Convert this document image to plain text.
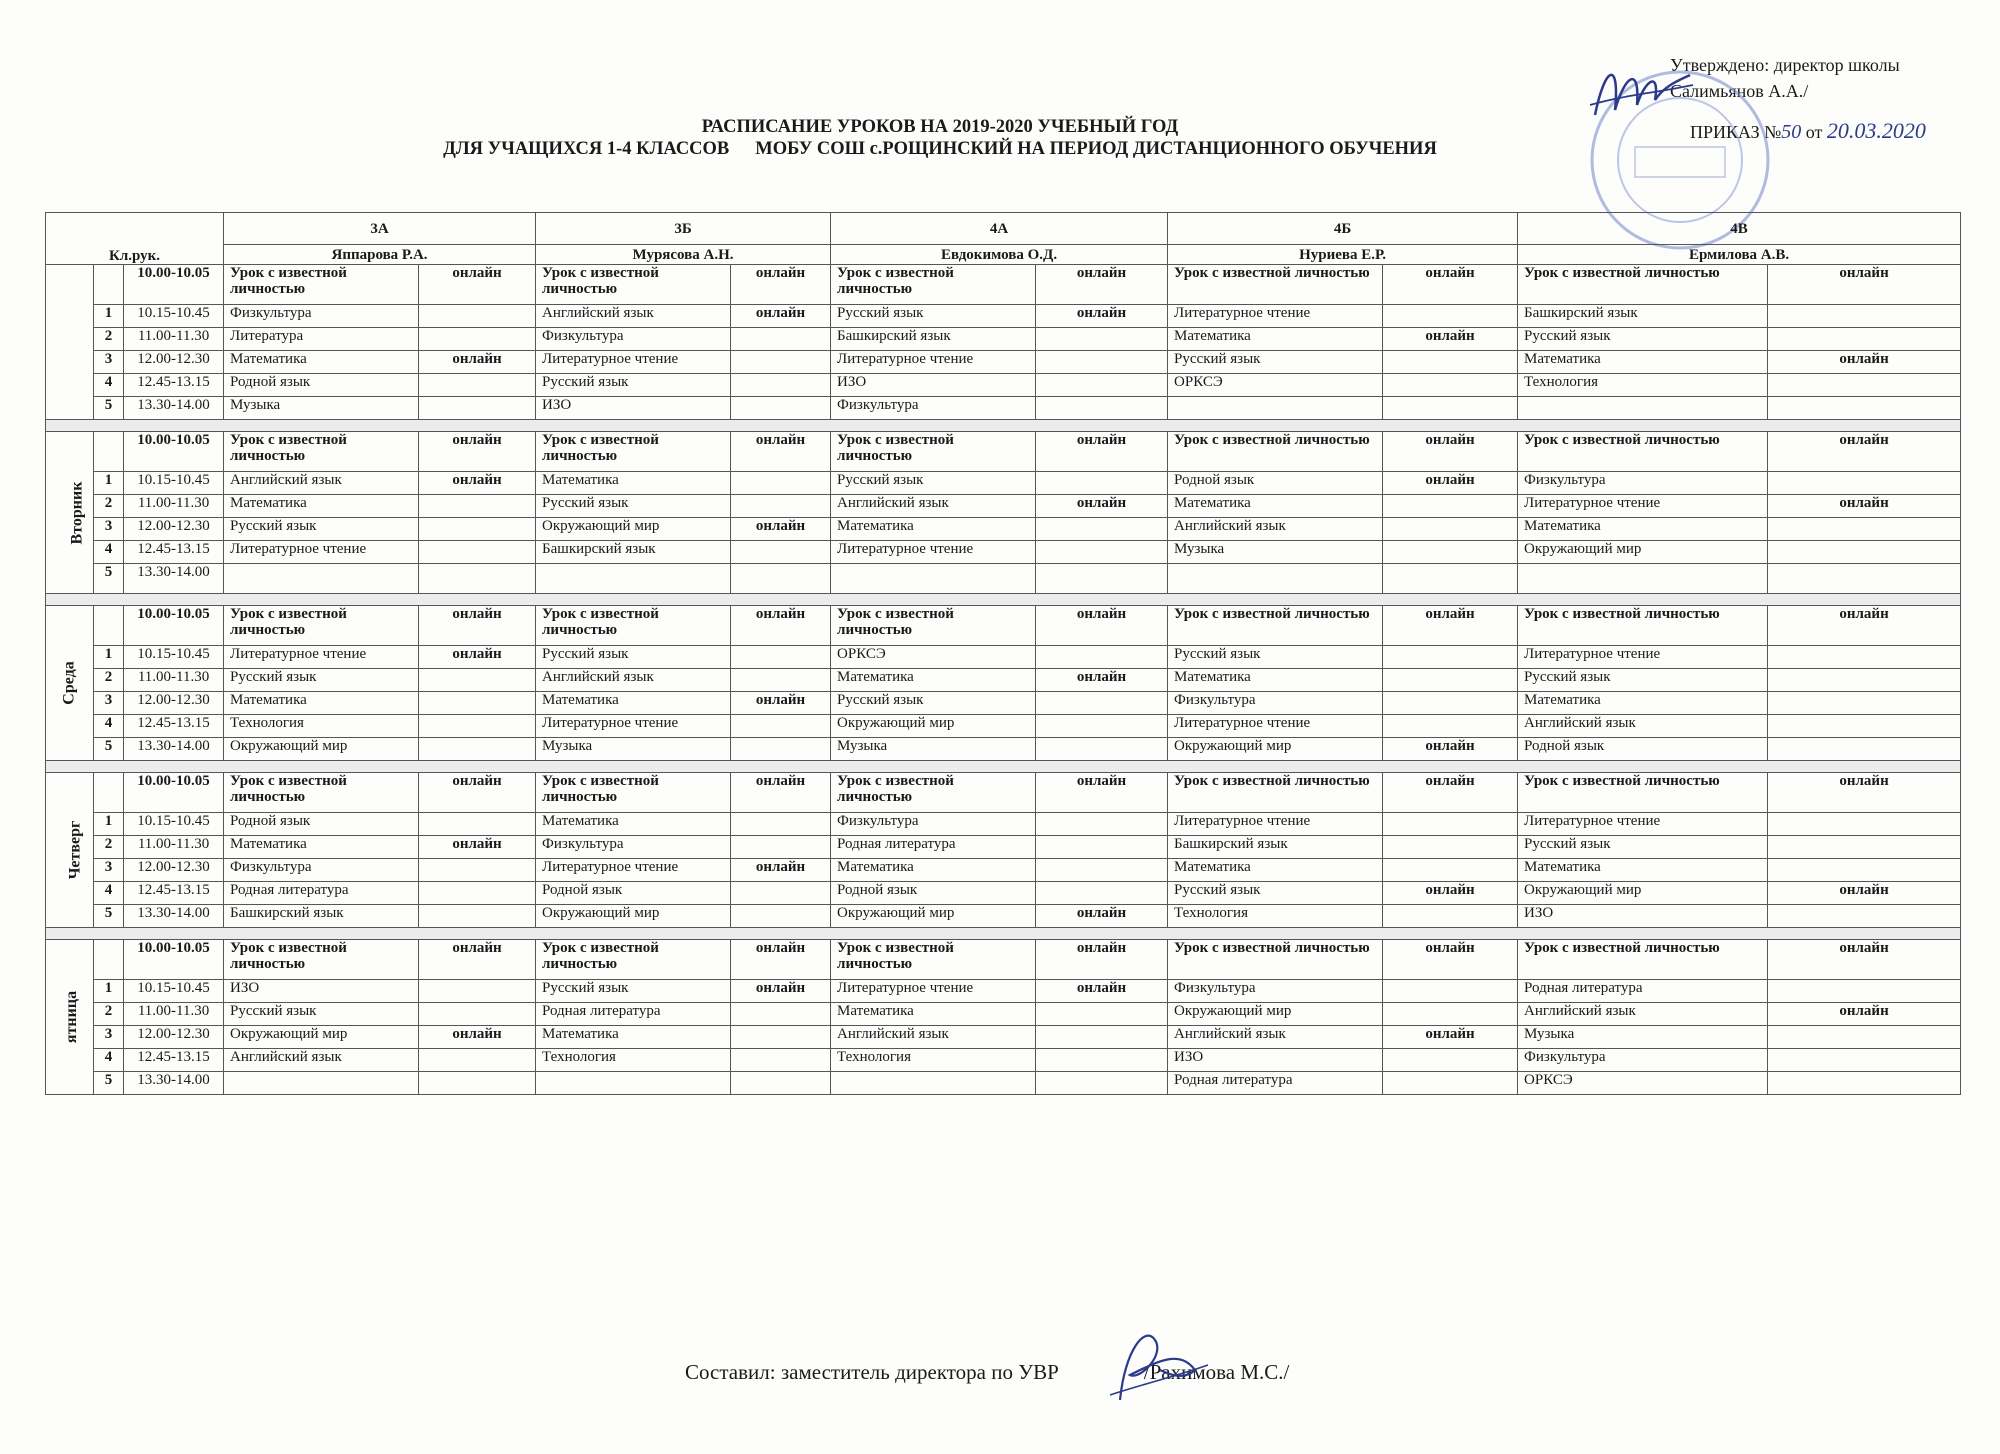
Утверждено: директор школы
Салимьянов А.А./
ПРИКАЗ №50 от 20.03.2020
РАСПИСАНИЕ УРОКОВ НА 2019-2020 УЧЕБНЫЙ ГОД
ДЛЯ УЧАЩИХСЯ 1-4 КЛАССОВ МОБУ СОШ с.РОЩИНСКИЙ НА ПЕРИОД ДИСТАНЦИОННОГО ОБУЧЕНИЯ
Кл.рук.			3А		3Б		4А		4Б		4В	
			Яппарова Р.А.		Мурясова А.Н.		Евдокимова О.Д.		Нуриева Е.Р.		Ермилова А.В.	
		10.00-10.05	Урок с известной личностью	онлайн	Урок с известной личностью	онлайн	Урок с известной личностью	онлайн	Урок с известной личностью	онлайн	Урок с известной личностью	онлайн
	1	10.15-10.45	Физкультура		Английский язык	онлайн	Русский язык	онлайн	Литературное чтение		Башкирский язык	
	2	11.00-11.30	Литература		Физкультура		Башкирский язык		Математика	онлайн	Русский язык	
	3	12.00-12.30	Математика	онлайн	Литературное чтение		Литературное чтение		Русский язык		Математика	онлайн
	4	12.45-13.15	Родной язык		Русский язык		ИЗО		ОРКСЭ		Технология	
	5	13.30-14.00	Музыка		ИЗО		Физкультура					

Вторник		10.00-10.05	Урок с известной личностью	онлайн	Урок с известной личностью	онлайн	Урок с известной личностью	онлайн	Урок с известной личностью	онлайн	Урок с известной личностью	онлайн
	1	10.15-10.45	Английский язык	онлайн	Математика		Русский язык		Родной язык	онлайн	Физкультура	
	2	11.00-11.30	Математика		Русский язык		Английский язык	онлайн	Математика		Литературное чтение	онлайн
	3	12.00-12.30	Русский язык		Окружающий мир	онлайн	Математика		Английский язык		Математика	
	4	12.45-13.15	Литературное чтение		Башкирский язык		Литературное чтение		Музыка		Окружающий мир	
	5	13.30-14.00										

Среда		10.00-10.05	Урок с известной личностью	онлайн	Урок с известной личностью	онлайн	Урок с известной личностью	онлайн	Урок с известной личностью	онлайн	Урок с известной личностью	онлайн
	1	10.15-10.45	Литературное чтение	онлайн	Русский язык		ОРКСЭ		Русский язык		Литературное чтение	
	2	11.00-11.30	Русский язык		Английский язык		Математика	онлайн	Математика		Русский язык	
	3	12.00-12.30	Математика		Математика	онлайн	Русский язык		Физкультура		Математика	
	4	12.45-13.15	Технология		Литературное чтение		Окружающий мир		Литературное чтение		Английский язык	
	5	13.30-14.00	Окружающий мир		Музыка		Музыка		Окружающий мир	онлайн	Родной язык	

Четверг		10.00-10.05	Урок с известной личностью	онлайн	Урок с известной личностью	онлайн	Урок с известной личностью	онлайн	Урок с известной личностью	онлайн	Урок с известной личностью	онлайн
	1	10.15-10.45	Родной язык		Математика		Физкультура		Литературное чтение		Литературное чтение	
	2	11.00-11.30	Математика	онлайн	Физкультура		Родная литература		Башкирский язык		Русский язык	
	3	12.00-12.30	Физкультура		Литературное чтение	онлайн	Математика		Математика		Математика	
	4	12.45-13.15	Родная литература		Родной язык		Родной язык		Русский язык	онлайн	Окружающий мир	онлайн
	5	13.30-14.00	Башкирский язык		Окружающий мир		Окружающий мир	онлайн	Технология		ИЗО	

ятница		10.00-10.05	Урок с известной личностью	онлайн	Урок с известной личностью	онлайн	Урок с известной личностью	онлайн	Урок с известной личностью	онлайн	Урок с известной личностью	онлайн
	1	10.15-10.45	ИЗО		Русский язык	онлайн	Литературное чтение	онлайн	Физкультура		Родная литература	
	2	11.00-11.30	Русский язык		Родная литература		Математика		Окружающий мир		Английский язык	онлайн
	3	12.00-12.30	Окружающий мир	онлайн	Математика		Английский язык		Английский язык	онлайн	Музыка	
	4	12.45-13.15	Английский язык		Технология		Технология		ИЗО		Физкультура	
	5	13.30-14.00							Родная литература		ОРКСЭ	
Составил: заместитель директора по УВР	/Рахимова М.С./
